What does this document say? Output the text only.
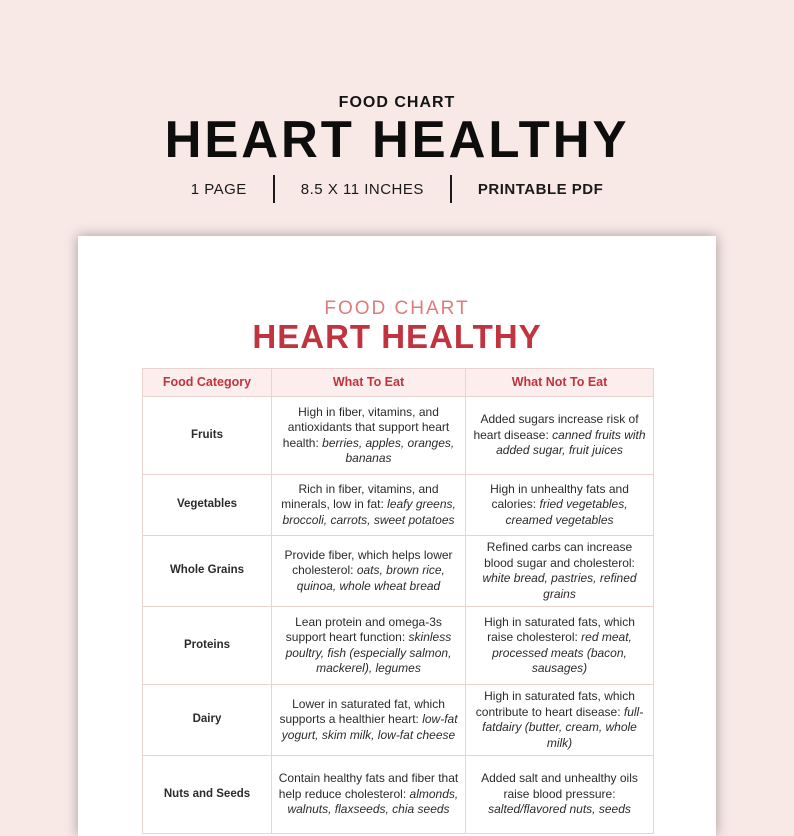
FOOD CHART
HEART HEALTHY
1 PAGE	8.5 X 11 INCHES	PRINTABLE PDF
FOOD CHART
HEART HEALTHY
Food Category	What To Eat	What Not To Eat
Fruits	High in fiber, vitamins, and antioxidants that support heart health: berries, apples, oranges, bananas	Added sugars increase risk of heart disease: canned fruits with added sugar, fruit juices
Vegetables	Rich in fiber, vitamins, and minerals, low in fat: leafy greens, broccoli, carrots, sweet potatoes	High in unhealthy fats and calories: fried vegetables, creamed vegetables
Whole Grains	Provide fiber, which helps lower cholesterol: oats, brown rice, quinoa, whole wheat bread	Refined carbs can increase blood sugar and cholesterol: white bread, pastries, refined grains
Proteins	Lean protein and omega-3s support heart function: skinless poultry, fish (especially salmon, mackerel), legumes	High in saturated fats, which raise cholesterol: red meat, processed meats (bacon, sausages)
Dairy	Lower in saturated fat, which supports a healthier heart: low-fat yogurt, skim milk, low-fat cheese	High in saturated fats, which contribute to heart disease: full-fatdairy (butter, cream, whole milk)
Nuts and Seeds	Contain healthy fats and fiber that help reduce cholesterol: almonds, walnuts, flaxseeds, chia seeds	Added salt and unhealthy oils raise blood pressure: salted/flavored nuts, seeds
